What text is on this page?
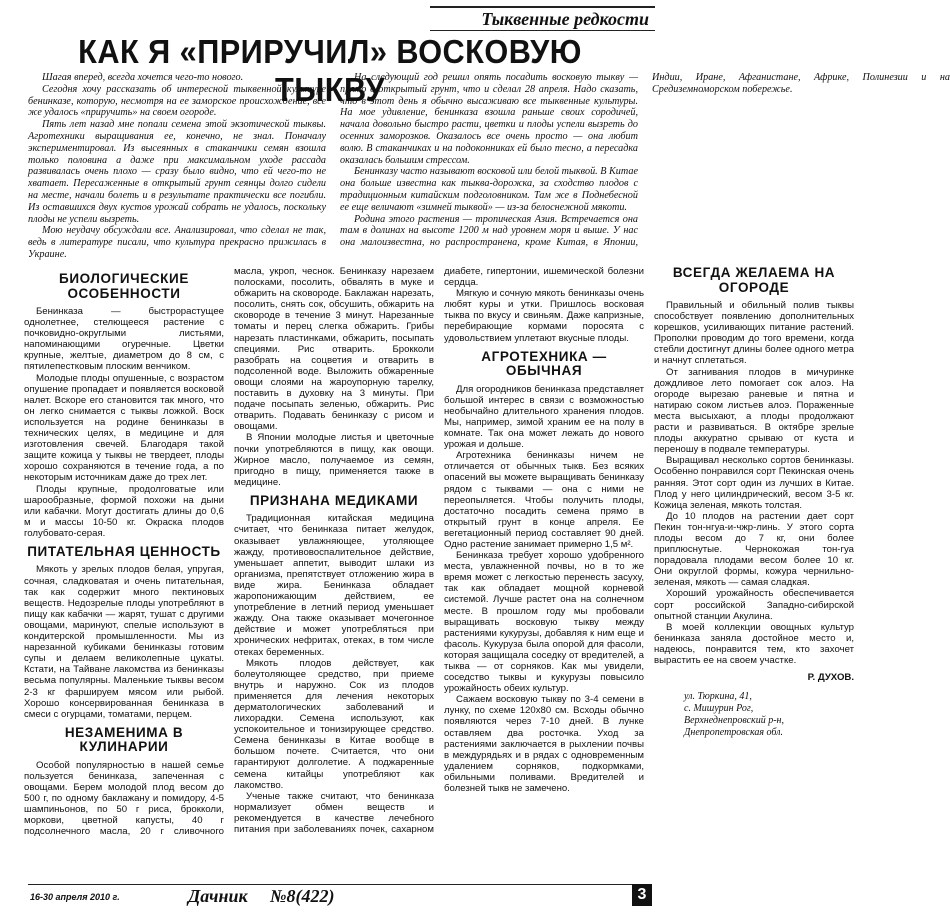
Тыквенные редкости
КАК Я «ПРИРУЧИЛ» ВОСКОВУЮ ТЫКВУ

Шагая вперед, всегда хочется чего-то нового.

Сегодня хочу рассказать об интересной тыквенной культуре бенинказе, которую, несмотря на ее заморское происхождение, все же удалось «приручить» на своем огороде.

Пять лет назад мне попали семена этой экзотической тыквы. Агротехники выращивания ее, конечно, не знал. Поначалу экспериментировал. Из высеянных в стаканчики семян взошла только половина а даже при максимальном уходе рассада развивалась очень плохо — сразу было видно, что ей чего-то не хватает. Пересаженные в открытый грунт сеянцы долго сидели на месте, начали болеть и в результате практически все погибли. Из оставшихся двух кустов урожай собрать не удалось, поскольку плоды не успели вызреть.

Мою неудачу обсуждали все. Анализировал, что сделал не так, ведь в литературе писали, что культура прекрасно прижилась в Украине.

На следующий год решил опять посадить восковую тыкву — прямо в открытый грунт, что и сделал 28 апреля. Надо сказать, что в этот день я обычно высаживаю все тыквенные культуры. На мое удивление, бенинказа взошла раньше своих сородичей, начала довольно быстро расти, цветки и плоды успели вызреть до осенних заморозков. Оказалось все очень просто — она любит волю. В стаканчиках и на подоконниках ей было тесно, а пересадка оказалась большим стрессом.

Бенинказу часто называют восковой или белой тыквой. В Китае она больше известна как тыква-дорожка, за сходство плодов с традиционным китайским подголовником. Там же в Поднебесной ее еще величают «зимней тыквой» — из-за белоснежной мякоти.

Родина этого растения — тропическая Азия. Встречается она там в долинах на высоте 1200 м над уровнем моря и выше. У нас она малоизвестна, но распространена, кроме Китая, в Японии, Индии, Иране, Афганистане, Африке, Полинезии и на Средиземноморском побережье.

БИОЛОГИЧЕСКИЕ ОСОБЕННОСТИ

Бенинказа — быстрорастущее однолетнее, стелющееся растение с почковидно-округлыми листьями, напоминающими огуречные. Цветки крупные, желтые, диаметром до 8 см, с пятилепестковым плоским венчиком.

Молодые плоды опушенные, с возрастом опушение пропадает и появляется восковой налет. Вскоре его становится так много, что он легко снимается с тыквы ложкой. Воск используется на родине бенинказы в технических целях, в медицине и для изготовления свечей. Благодаря такой защите кожица у тыквы не твердеет, плоды хорошо сохраняются в течение года, а по некоторым источникам даже до трех лет.

Плоды крупные, продолговатые или шарообразные, формой похожи на дыни или кабачки. Могут достигать длины до 0,6 м и массы 10-50 кг. Окраска плодов голубовато-серая.

ПИТАТЕЛЬНАЯ ЦЕННОСТЬ

Мякоть у зрелых плодов белая, упругая, сочная, сладковатая и очень питательная, так как содержит много пектиновых веществ. Недозрелые плоды употребляют в пищу как кабачки — жарят, тушат с другими овощами, маринуют, спелые используют в кондитерской промышленности. Мы из нарезанной кубиками бенинказы готовим супы и делаем великолепные цукаты. Кстати, на Тайване лакомства из бенинказы весьма популярны. Маленькие тыквы весом 2-3 кг фаршируем мясом или рыбой. Хорошо консервированная бенинказа в смеси с огурцами, томатами, перцем.

НЕЗАМЕНИМА В КУЛИНАРИИ

Особой популярностью в нашей семье пользуется бенинказа, запеченная с овощами. Берем молодой плод весом до 500 г, по одному баклажану и помидору, 4-5 шампиньонов, по 50 г риса, брокколи, моркови, цветной капусты, 40 г подсолнечного масла, 20 г сливочного масла, укроп, чеснок. Бенинказу нарезаем полосками, посолить, обвалять в муке и обжарить на сковороде. Баклажан нарезать, посолить, снять сок, обсушить, обжарить на сковороде в течение 3 минут. Нарезанные томаты и перец слегка обжарить. Грибы нарезать пластинками, обжарить, посыпать специями. Рис отварить. Брокколи разобрать на соцветия и отварить в подсоленной воде. Выложить обжаренные овощи слоями на жароупорную тарелку, поставить в духовку на 3 минуты. При подаче посыпать зеленью, обжарить. Рис отварить. Подавать бенинказу с рисом и овощами.

В Японии молодые листья и цветочные почки употребляются в пищу, как овощи. Жирное масло, получаемое из семян, пригодно в пищу, применяется также в медицине.

ПРИЗНАНА МЕДИКАМИ

Традиционная китайская медицина считает, что бенинказа питает желудок, оказывает увлажняющее, утоляющее жажду, противовоспалительное действие, уменьшает аппетит, выводит шлаки из организма, препятствует отложению жира в виде жира. Бенинказа обладает жаропонижающим действием, ее употребление в летний период уменьшает жажду. Она также оказывает мочегонное действие и может употребляться при хронических нефритах, отеках, в том числе отеках беременных.

Мякоть плодов действует, как болеутоляющее средство, при приеме внутрь и наружно. Сок из плодов применяется для лечения некоторых дерматологических заболеваний и лихорадки. Семена используют, как успокоительное и тонизирующее средство. Семена бенинказы в Китае вообще в большом почете. Считается, что они гарантируют долголетие. А поджаренные семена китайцы употребляют как лакомство.

Ученые также считают, что бенинказа нормализует обмен веществ и рекомендуется в качестве лечебного питания при заболеваниях почек, сахарном диабете, гипертонии, ишемической болезни сердца.

Мягкую и сочную мякоть бенинказы очень любят куры и утки. Пришлось восковая тыква по вкусу и свиньям. Даже капризные, перебирающие кормами поросята с удовольствием уплетают вкусные плоды.

АГРОТЕХНИКА — ОБЫЧНАЯ

Для огородников бенинказа представляет большой интерес в связи с возможностью необычайно длительного хранения плодов. Мы, например, зимой храним ее на полу в комнате. Так она может лежать до нового урожая и дольше.

Агротехника бенинказы ничем не отличается от обычных тыкв. Без всяких опасений вы можете выращивать бенинказу рядом с тыквами — она с ними не переопыляется. Чтобы получить плоды, достаточно посадить семена прямо в открытый грунт в конце апреля. Ее вегетационный период составляет 90 дней. Одно растение занимает примерно 1,5 м².

Бенинказа требует хорошо удобренного места, увлажненной почвы, но в то же время может с легкостью перенесть засуху, так как обладает мощной корневой системой. Лучше растет она на солнечном месте. В прошлом году мы пробовали выращивать восковую тыкву между растениями кукурузы, добавляя к ним еще и фасоль. Кукуруза была опорой для фасоли, которая защищала соседку от вредителей, а тыква — от сорняков. Как мы увидели, соседство тыквы и кукурузы повысило урожайность обеих культур.

Сажаем восковую тыкву по 3-4 семени в лунку, по схеме 120х80 см. Всходы обычно появляются через 7-10 дней. В лунке оставляем два росточка. Уход за растениями заключается в рыхлении почвы в междурядьях и в рядах с одновременным удалением сорняков, подкормками, обильными поливами. Вредителей и болезней тыкв не замечено.

ВСЕГДА ЖЕЛАЕМА НА ОГОРОДЕ

Правильный и обильный полив тыквы способствует появлению дополнительных корешков, усиливающих питание растений. Прополки проводим до того времени, когда стебли достигнут длины более одного метра и начнут сплетаться.

От загнивания плодов в мичуринке дождливое лето помогает сок алоэ. На огороде вырезаю раневые и пятна и натираю соком листьев алоэ. Пораженные места высыхают, а плоды продолжают расти и развиваться. В октябре зрелые плоды аккуратно срываю от куста и переношу в подвале температуры.

Выращивал несколько сортов бенинказы. Особенно понравился сорт Пекинская очень ранняя. Этот сорт один из лучших в Китае. Плод у него цилиндрический, весом 3-5 кг. Кожица зеленая, мякоть толстая.

До 10 плодов на растении дает сорт Пекин тон-нгуа-и-чжр-линь. У этого сорта плоды весом до 7 кг, они более приплюснутые. Чернокожая тон-гуа порадовала плодами весом более 10 кг. Они округлой формы, кожура чернильно-зеленая, мякоть — самая сладкая.

Хороший урожайность обеспечивается сорт российской Западно-сибирской опытной станции Акулина.

В моей коллекции овощных культур бенинказа заняла достойное место и, надеюсь, понравится тем, кто захочет вырастить ее на своем участке.

Р. ДУХОВ.

ул. Тюркина, 41,
с. Мишурин Рог,
Верхнеднепровский р-н,
Днепропетровская обл.
16-30 апреля 2010 г.	Дачник №8(422)	3
